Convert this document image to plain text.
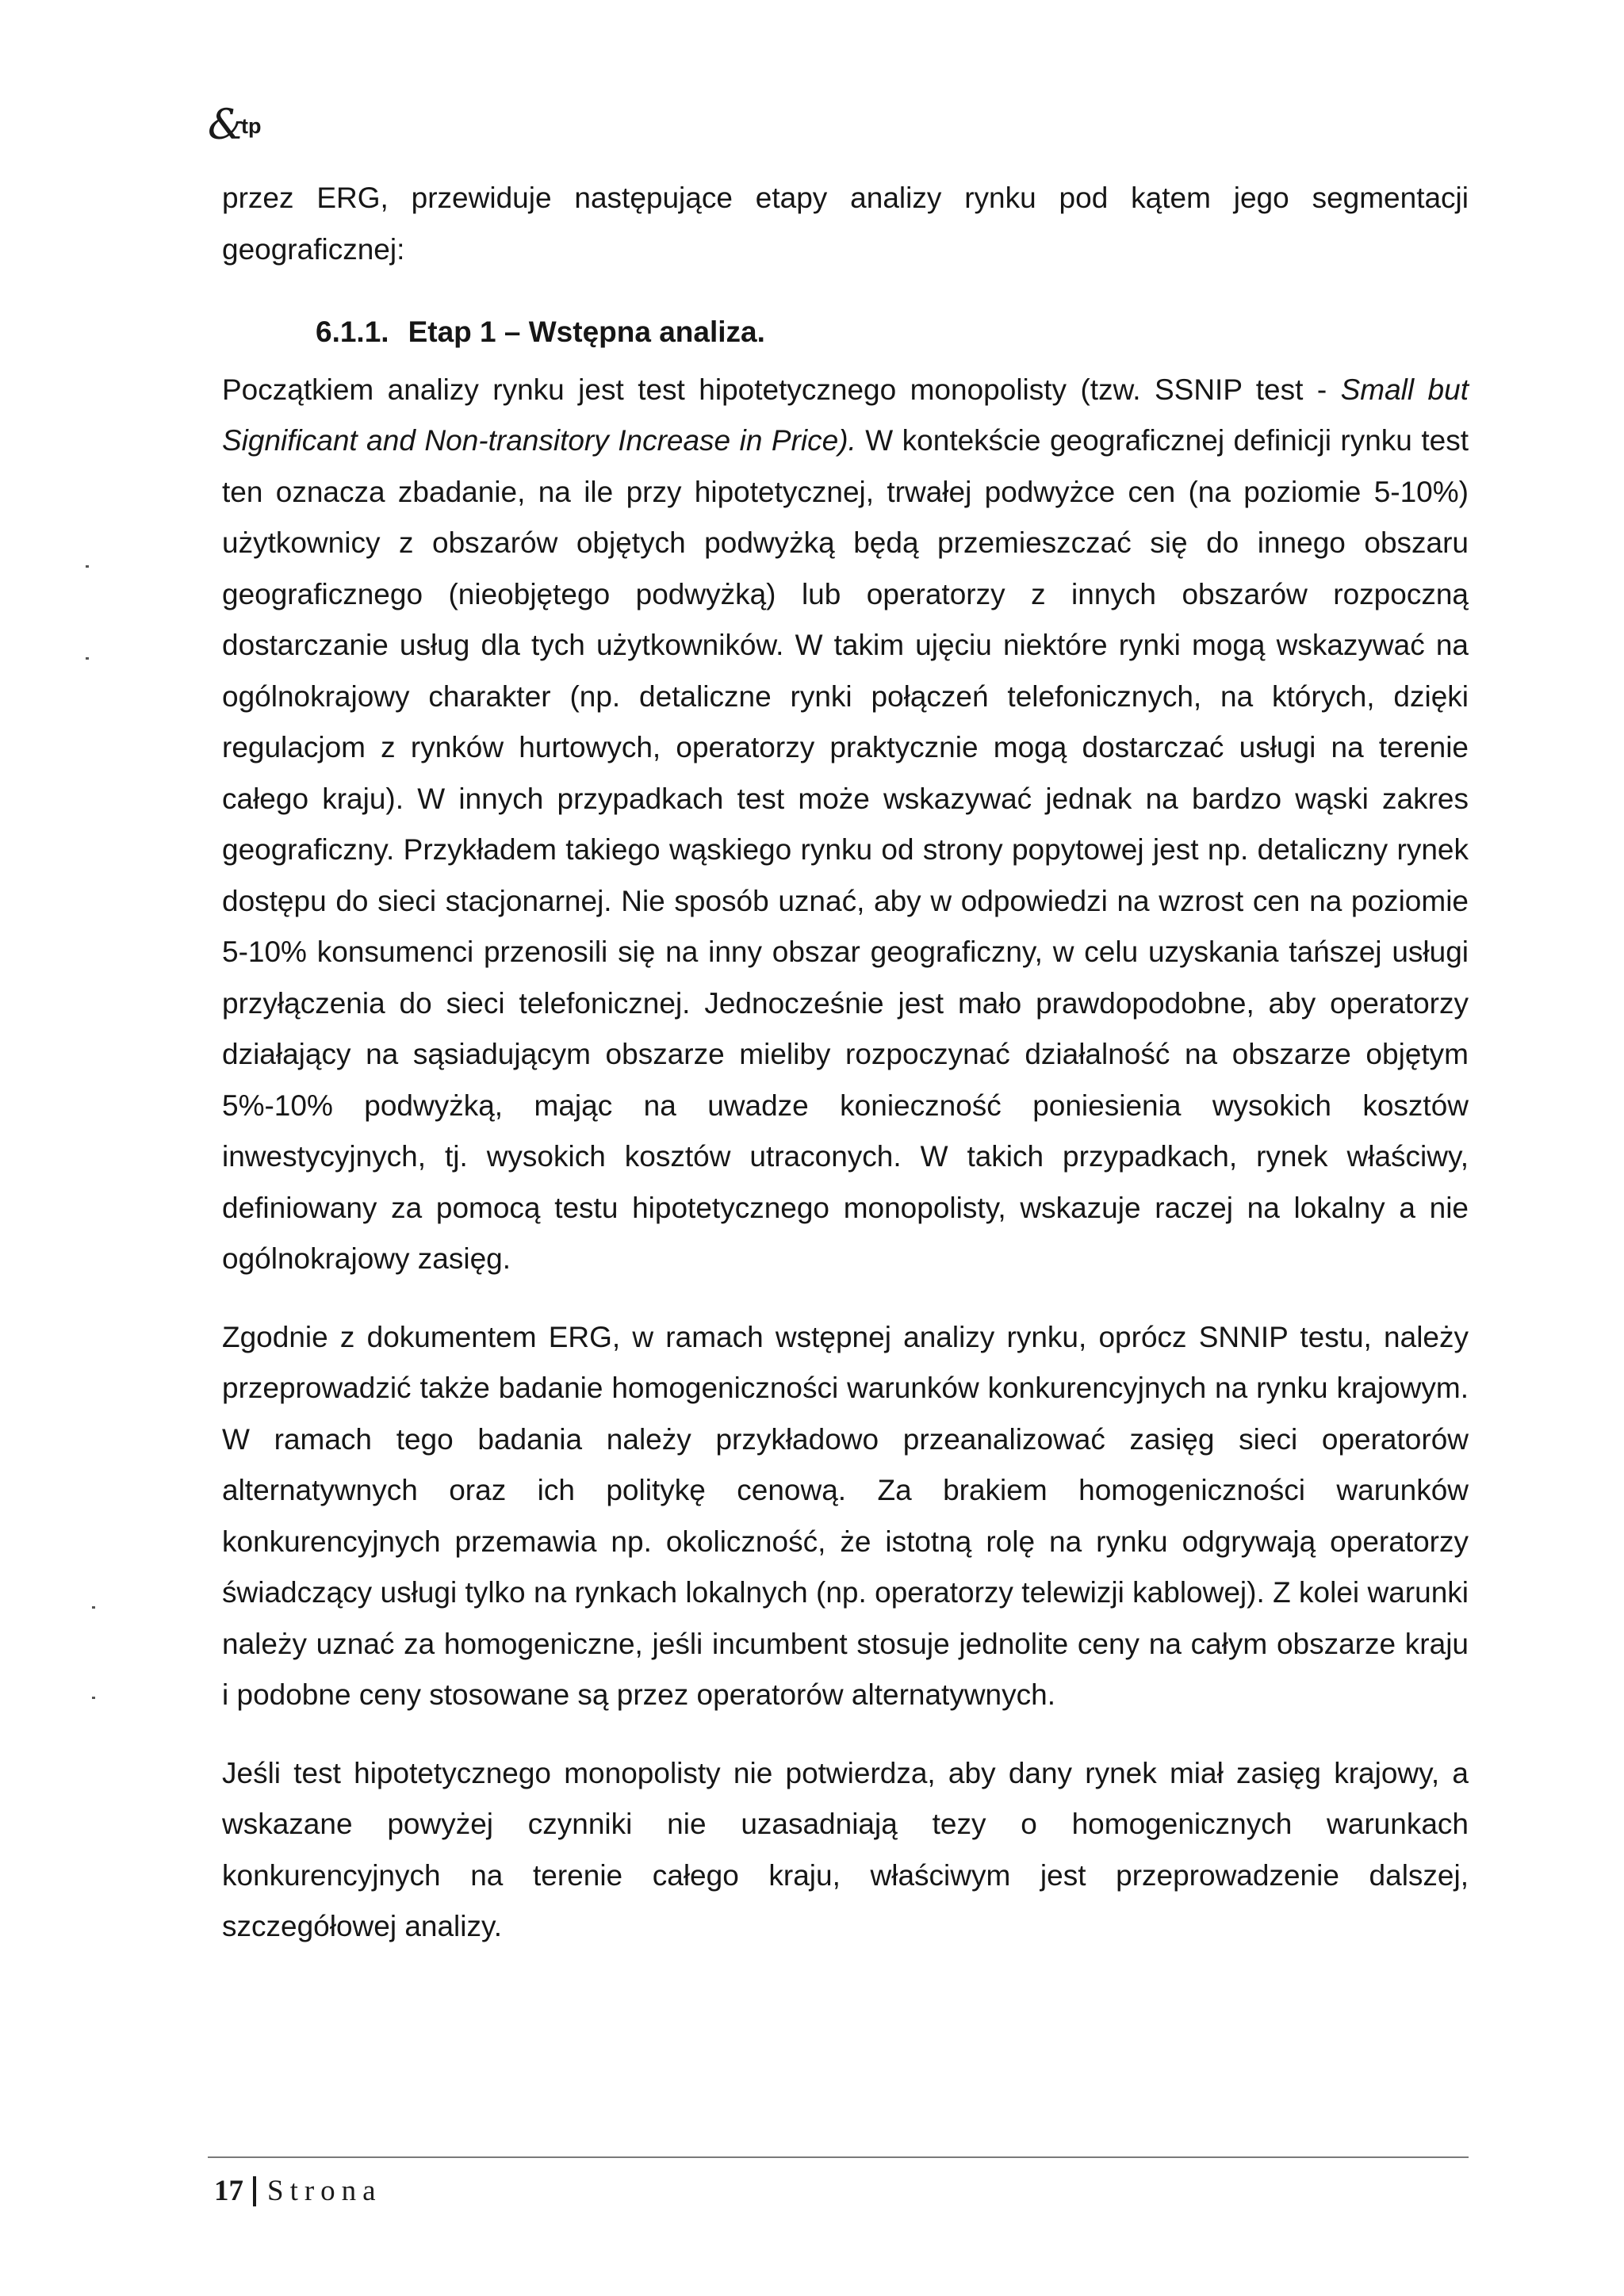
&
tp

przez ERG, przewiduje następujące etapy analizy rynku pod kątem jego segmentacji geograficznej:

6.1.1. Etap 1 – Wstępna analiza.

Początkiem analizy rynku jest test hipotetycznego monopolisty (tzw. SSNIP test - Small but Significant and Non-transitory Increase in Price). W kontekście geograficznej definicji rynku test ten oznacza zbadanie, na ile przy hipotetycznej, trwałej podwyżce cen (na poziomie 5-10%) użytkownicy z obszarów objętych podwyżką będą przemieszczać się do innego obszaru geograficznego (nieobjętego podwyżką) lub operatorzy z innych obszarów rozpoczną dostarczanie usług dla tych użytkowników. W takim ujęciu niektóre rynki mogą wskazywać na ogólnokrajowy charakter (np. detaliczne rynki połączeń telefonicznych, na których, dzięki regulacjom z rynków hurtowych, operatorzy praktycznie mogą dostarczać usługi na terenie całego kraju). W innych przypadkach test może wskazywać jednak na bardzo wąski zakres geograficzny. Przykładem takiego wąskiego rynku od strony popytowej jest np. detaliczny rynek dostępu do sieci stacjonarnej. Nie sposób uznać, aby w odpowiedzi na wzrost cen na poziomie 5-10% konsumenci przenosili się na inny obszar geograficzny, w celu uzyskania tańszej usługi przyłączenia do sieci telefonicznej. Jednocześnie jest mało prawdopodobne, aby operatorzy działający na sąsiadującym obszarze mieliby rozpoczynać działalność na obszarze objętym 5%-10% podwyżką, mając na uwadze konieczność poniesienia wysokich kosztów inwestycyjnych, tj. wysokich kosztów utraconych. W takich przypadkach, rynek właściwy, definiowany za pomocą testu hipotetycznego monopolisty, wskazuje raczej na lokalny a nie ogólnokrajowy zasięg.

Zgodnie z dokumentem ERG, w ramach wstępnej analizy rynku, oprócz SNNIP testu, należy przeprowadzić także badanie homogeniczności warunków konkurencyjnych na rynku krajowym. W ramach tego badania należy przykładowo przeanalizować zasięg sieci operatorów alternatywnych oraz ich politykę cenową. Za brakiem homogeniczności warunków konkurencyjnych przemawia np. okoliczność, że istotną rolę na rynku odgrywają operatorzy świadczący usługi tylko na rynkach lokalnych (np. operatorzy telewizji kablowej). Z kolei warunki należy uznać za homogeniczne, jeśli incumbent stosuje jednolite ceny na całym obszarze kraju i podobne ceny stosowane są przez operatorów alternatywnych.

Jeśli test hipotetycznego monopolisty nie potwierdza, aby dany rynek miał zasięg krajowy, a wskazane powyżej czynniki nie uzasadniają tezy o homogenicznych warunkach konkurencyjnych na terenie całego kraju, właściwym jest przeprowadzenie dalszej, szczegółowej analizy.

17 Strona
